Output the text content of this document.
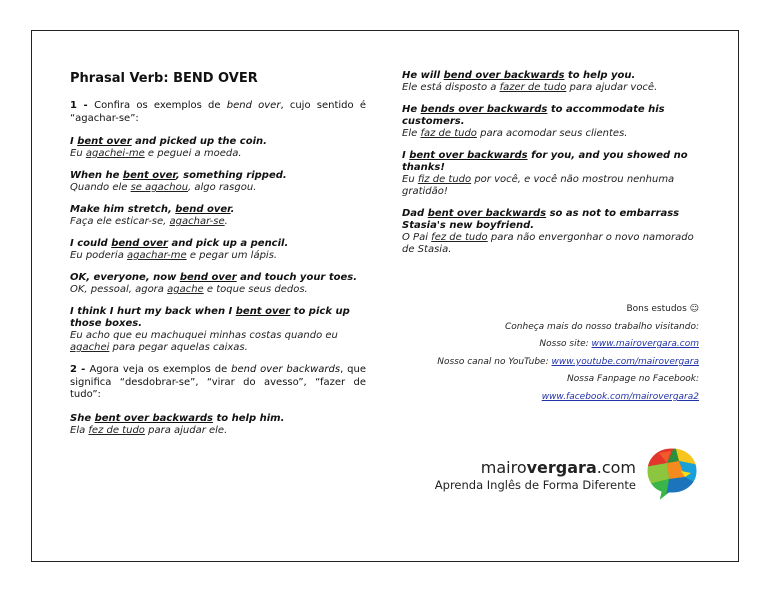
Phrasal Verb: BEND OVER
1 - Confira os exemplos de bend over, cujo sentido é “agachar-se”:
I bent over and picked up the coin.
Eu agachei-me e peguei a moeda.
When he bent over, something ripped.
Quando ele se agachou, algo rasgou.
Make him stretch, bend over.
Faça ele esticar-se, agachar-se.
I could bend over and pick up a pencil.
Eu poderia agachar-me e pegar um lápis.
OK, everyone, now bend over and touch your toes.
OK, pessoal, agora agache e toque seus dedos.
I think I hurt my back when I bent over to pick up those boxes.
Eu acho que eu machuquei minhas costas quando eu agachei para pegar aquelas caixas.
2 - Agora veja os exemplos de bend over backwards, que significa “desdobrar-se”, “virar do avesso”, “fazer de tudo”:
She bent over backwards to help him.
Ela fez de tudo para ajudar ele.
He will bend over backwards to help you.
Ele está disposto a fazer de tudo para ajudar você.
He bends over backwards to accommodate his customers.
Ele faz de tudo para acomodar seus clientes.
I bent over backwards for you, and you showed no thanks!
Eu fiz de tudo por você, e você não mostrou nenhuma gratidão!
Dad bent over backwards so as not to embarrass Stasia's new boyfriend.
O Pai fez de tudo para não envergonhar o novo namorado de Stasia.
Bons estudos ☺
Conheça mais do nosso trabalho visitando:
Nosso site: www.mairovergara.com
Nosso canal no YouTube: www.youtube.com/mairovergara
Nossa Fanpage no Facebook:
www.facebook.com/mairovergara2
mairovergara.com
Aprenda Inglês de Forma Diferente
